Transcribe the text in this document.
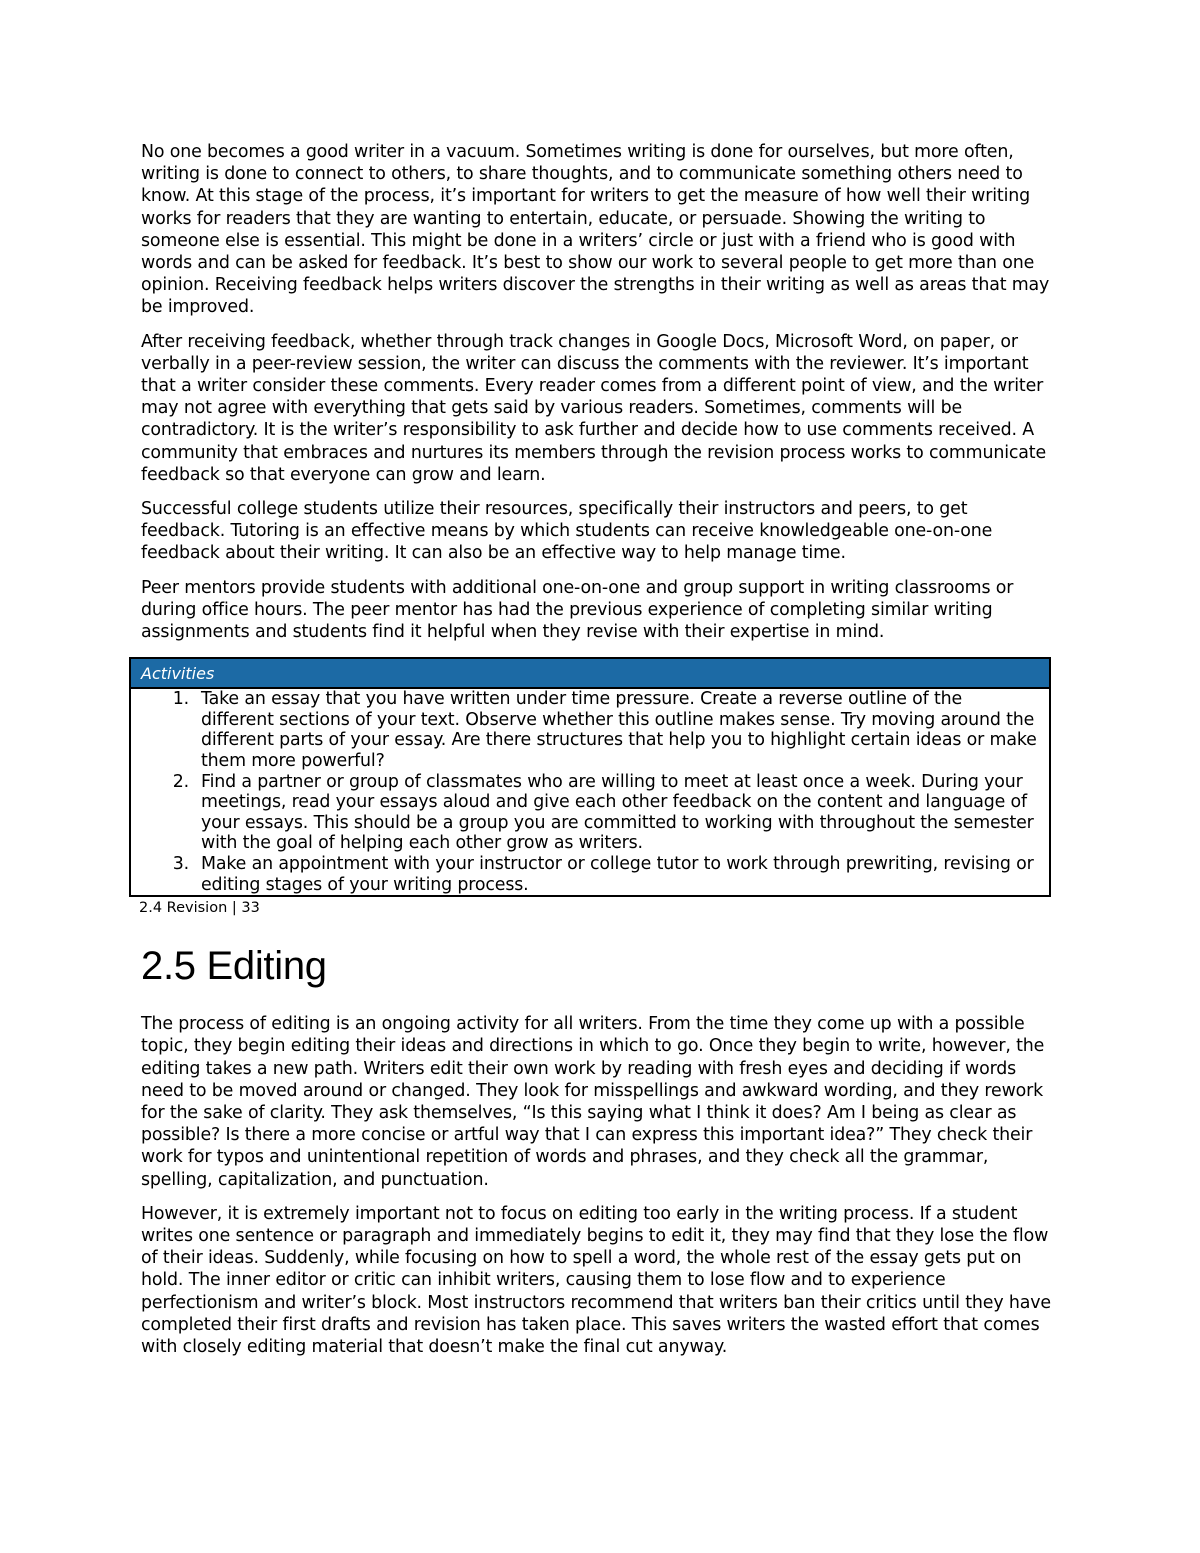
No one becomes a good writer in a vacuum. Sometimes writing is done for ourselves, but more often, writing is done to connect to others, to share thoughts, and to communicate something others need to know. At this stage of the process, it’s important for writers to get the measure of how well their writing works for readers that they are wanting to entertain, educate, or persuade. Showing the writing to someone else is essential. This might be done in a writers’ circle or just with a friend who is good with words and can be asked for feedback. It’s best to show our work to several people to get more than one opinion. Receiving feedback helps writers discover the strengths in their writing as well as areas that may be improved.

After receiving feedback, whether through track changes in Google Docs, Microsoft Word, on paper, or verbally in a peer-review session, the writer can discuss the comments with the reviewer. It’s important that a writer consider these comments. Every reader comes from a different point of view, and the writer may not agree with everything that gets said by various readers. Sometimes, comments will be contradictory. It is the writer’s responsibility to ask further and decide how to use comments received. A community that embraces and nurtures its members through the revision process works to communicate feedback so that everyone can grow and learn.

Successful college students utilize their resources, specifically their instructors and peers, to get feedback. Tutoring is an effective means by which students can receive knowledgeable one-on-one feedback about their writing. It can also be an effective way to help manage time.

Peer mentors provide students with additional one-on-one and group support in writing classrooms or during office hours. The peer mentor has had the previous experience of completing similar writing assignments and students find it helpful when they revise with their expertise in mind.

Activities
1. Take an essay that you have written under time pressure. Create a reverse outline of the different sections of your text. Observe whether this outline makes sense. Try moving around the different parts of your essay. Are there structures that help you to highlight certain ideas or make them more powerful?
2. Find a partner or group of classmates who are willing to meet at least once a week. During your meetings, read your essays aloud and give each other feedback on the content and language of your essays. This should be a group you are committed to working with throughout the semester with the goal of helping each other grow as writers.
3. Make an appointment with your instructor or college tutor to work through prewriting, revising or editing stages of your writing process.
2.4 Revision | 33
2.5 Editing

The process of editing is an ongoing activity for all writers. From the time they come up with a possible topic, they begin editing their ideas and directions in which to go. Once they begin to write, however, the editing takes a new path. Writers edit their own work by reading with fresh eyes and deciding if words need to be moved around or changed. They look for misspellings and awkward wording, and they rework for the sake of clarity. They ask themselves, “Is this saying what I think it does? Am I being as clear as possible? Is there a more concise or artful way that I can express this important idea?” They check their work for typos and unintentional repetition of words and phrases, and they check all the grammar, spelling, capitalization, and punctuation.

However, it is extremely important not to focus on editing too early in the writing process. If a student writes one sentence or paragraph and immediately begins to edit it, they may find that they lose the flow of their ideas. Suddenly, while focusing on how to spell a word, the whole rest of the essay gets put on hold. The inner editor or critic can inhibit writers, causing them to lose flow and to experience perfectionism and writer’s block. Most instructors recommend that writers ban their critics until they have completed their first drafts and revision has taken place. This saves writers the wasted effort that comes with closely editing material that doesn’t make the final cut anyway.
